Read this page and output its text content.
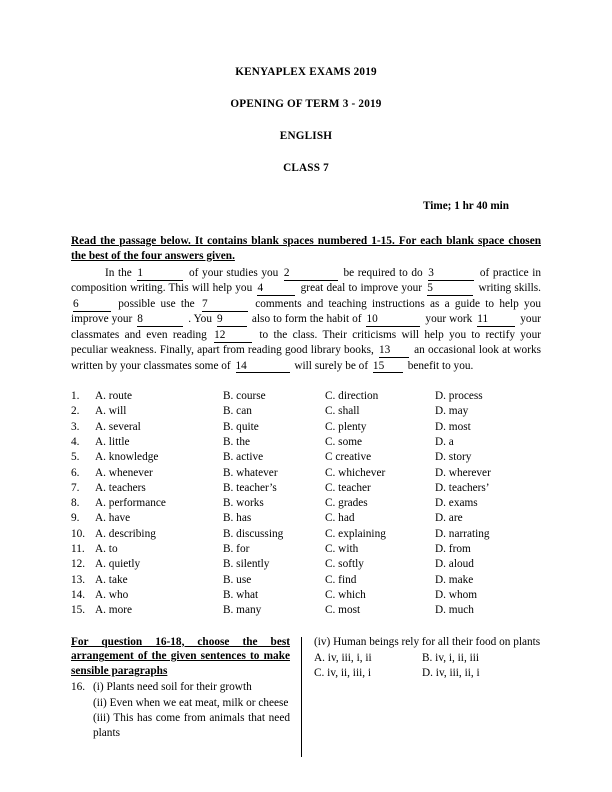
KENYAPLEX EXAMS 2019
OPENING OF TERM 3 - 2019
ENGLISH
CLASS 7
Time; 1 hr 40 min
Read the passage below. It contains blank spaces numbered 1-15. For each blank space chosen the best of the four answers given.
In the 1	of your studies you 2	be required to do 3	of practice in composition writing. This will help you 4	great deal to improve your 5	writing skills. 6	possible use the 7	comments and teaching instructions as a guide to help you improve your 8	. You 9	also to form the habit of 10	your work 11	your classmates and even reading 12	to the class. Their criticisms will help you to rectify your peculiar weakness. Finally, apart from reading good library books, 13 an occasional look at works written by your classmates some of 14	will surely be of 15 benefit to you.
1.	A. route	B. course	C. direction	D. process
2.	A. will	B. can	C. shall	D. may
3.	A. several	B. quite	C. plenty	D. most
4.	A. little	B. the	C. some	D. a
5.	A. knowledge	B. active	C creative	D. story
6.	A. whenever	B. whatever	C. whichever	D. wherever
7.	A. teachers	B. teacher’s	C. teacher	D. teachers’
8.	A. performance	B. works	C. grades	D. exams
9.	A. have	B. has	C. had	D. are
10. A. describing	B. discussing	C. explaining	D. narrating
11. A. to	B. for	C. with	D. from
12. A. quietly	B. silently	C. softly	D. aloud
13. A. take	B. use	C. find	D. make
14. A. who	B. what	C. which	D. whom
15. A. more	B. many	C. most	D. much
For question 16-18, choose the best arrangement of the given sentences to make sensible paragraphs
16. (i) Plants need soil for their growth
(ii) Even when we eat meat, milk or cheese
(iii) This has come from animals that need plants
(iv) Human beings rely for all their food on plants
A. iv, iii, i, ii	B. iv, i, ii, iii
C. iv, ii, iii, i	D. iv, iii, ii, i
